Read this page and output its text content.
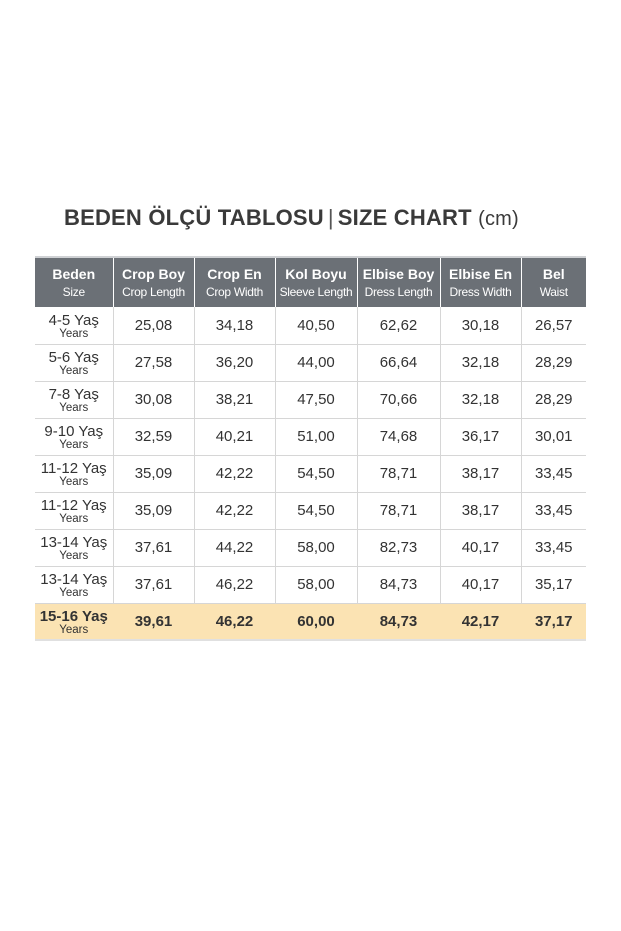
BEDEN ÖLÇÜ TABLOSU | SIZE CHART (cm)
Beden
Size	Crop Boy
Crop Length	Crop En
Crop Width	Kol Boyu
Sleeve Length	Elbise Boy
Dress Length	Elbise En
Dress Width	Bel
Waist

4-5 Yaş
Years	25,08	34,18	40,50	62,62	30,18	26,57

5-6 Yaş
Years	27,58	36,20	44,00	66,64	32,18	28,29

7-8 Yaş
Years	30,08	38,21	47,50	70,66	32,18	28,29

9-10 Yaş
Years	32,59	40,21	51,00	74,68	36,17	30,01

11-12 Yaş
Years	35,09	42,22	54,50	78,71	38,17	33,45

11-12 Yaş
Years	35,09	42,22	54,50	78,71	38,17	33,45

13-14 Yaş
Years	37,61	44,22	58,00	82,73	40,17	33,45

13-14 Yaş
Years	37,61	46,22	58,00	84,73	40,17	35,17

15-16 Yaş
Years	39,61	46,22	60,00	84,73	42,17	37,17
